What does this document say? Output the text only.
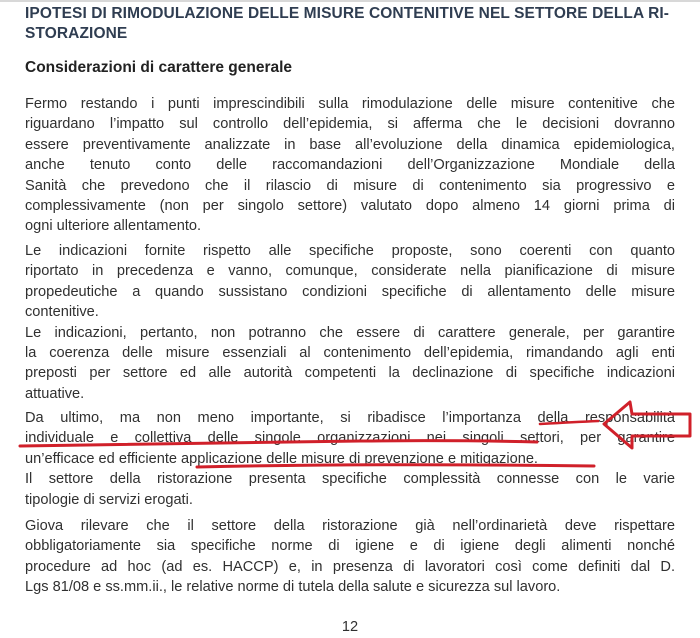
IPOTESI DI RIMODULAZIONE DELLE MISURE CONTENITIVE NEL SETTORE DELLA RI-
STORAZIONE
Considerazioni di carattere generale

Fermo restando i punti imprescindibili sulla rimodulazione delle misure contenitive che
riguardano l’impatto sul controllo dell’epidemia, si afferma che le decisioni dovranno
essere preventivamente analizzate in base all’evoluzione della dinamica epidemiologica,
anche tenuto conto delle raccomandazioni dell’Organizzazione Mondiale della
Sanità che prevedono che il rilascio di misure di contenimento sia progressivo e
complessivamente (non per singolo settore) valutato dopo almeno 14 giorni prima di
ogni ulteriore allentamento.

Le indicazioni fornite rispetto alle specifiche proposte, sono coerenti con quanto
riportato in precedenza e vanno, comunque, considerate nella pianificazione di misure
propedeutiche a quando sussistano condizioni specifiche di allentamento delle misure
contenitive.
Le indicazioni, pertanto, non potranno che essere di carattere generale, per garantire
la coerenza delle misure essenziali al contenimento dell’epidemia, rimandando agli enti
preposti per settore ed alle autorità competenti la declinazione di specifiche indicazioni
attuative.

Da ultimo, ma non meno importante, si ribadisce l’importanza della responsabilità
individuale e collettiva delle singole organizzazioni nei singoli settori, per garantire
un’efficace ed efficiente applicazione delle misure di prevenzione e mitigazione.
Il settore della ristorazione presenta specifiche complessità connesse con le varie
tipologie di servizi erogati.

Giova rilevare che il settore della ristorazione già nell’ordinarietà deve rispettare
obbligatoriamente sia specifiche norme di igiene e di igiene degli alimenti nonché
procedure ad hoc (ad es. HACCP) e, in presenza di lavoratori così come definiti dal D.
Lgs 81/08 e ss.mm.ii., le relative norme di tutela della salute e sicurezza sul lavoro.

12
